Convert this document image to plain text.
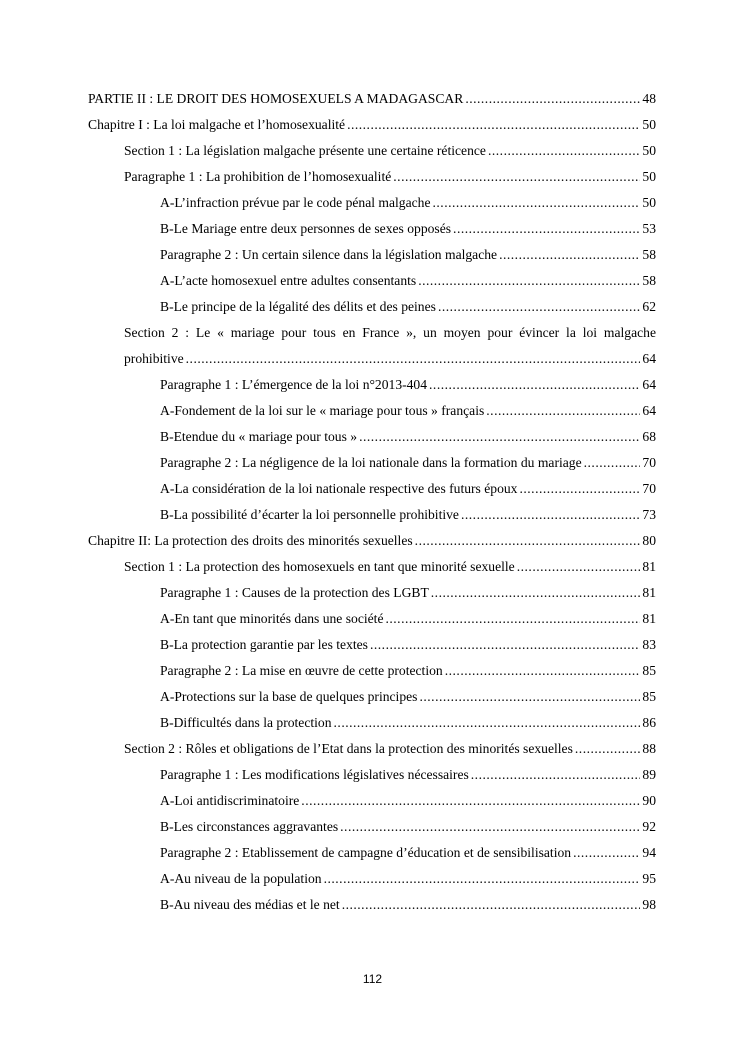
PARTIE II : LE DROIT DES HOMOSEXUELS A MADAGASCAR .....	48
Chapitre I : La loi malgache et l’homosexualité .....	50
Section 1 : La législation malgache présente une certaine réticence .....	50
Paragraphe 1 : La prohibition de l’homosexualité .....	50
A-L’infraction prévue par le code pénal malgache .....	50
B-Le Mariage entre deux personnes de sexes opposés .....	53
Paragraphe 2 : Un certain silence dans la législation malgache .....	58
A-L’acte homosexuel entre adultes consentants .....	58
B-Le principe de la légalité des délits et des peines .....	62
Section 2 : Le « mariage pour tous en France », un moyen pour évincer la loi malgache
prohibitive .....	64
Paragraphe 1 : L’émergence de la loi n°2013-404 .....	64
A-Fondement de la loi sur le « mariage pour tous » français .....	64
B-Etendue du « mariage pour tous » .....	68
Paragraphe 2 : La négligence de la loi nationale dans la formation du mariage .....	70
A-La considération de la loi nationale respective des futurs époux .....	70
B-La possibilité d’écarter la loi personnelle prohibitive .....	73
Chapitre II: La protection des droits des minorités sexuelles .....	80
Section 1 : La protection des homosexuels en tant que minorité sexuelle .....	81
Paragraphe 1 : Causes de la protection des LGBT .....	81
A-En tant que minorités dans une société .....	81
B-La protection garantie par les textes .....	83
Paragraphe 2 : La mise en œuvre de cette protection .....	85
A-Protections sur la base de quelques principes .....	85
B-Difficultés dans la protection .....	86
Section 2 : Rôles et obligations de l’Etat dans la protection des minorités sexuelles .....	88
Paragraphe 1 : Les modifications législatives nécessaires .....	89
A-Loi antidiscriminatoire .....	90
B-Les circonstances aggravantes .....	92
Paragraphe 2 : Etablissement de campagne d’éducation et de sensibilisation .....	94
A-Au niveau de la population .....	95
B-Au niveau des médias et le net .....	98
112
